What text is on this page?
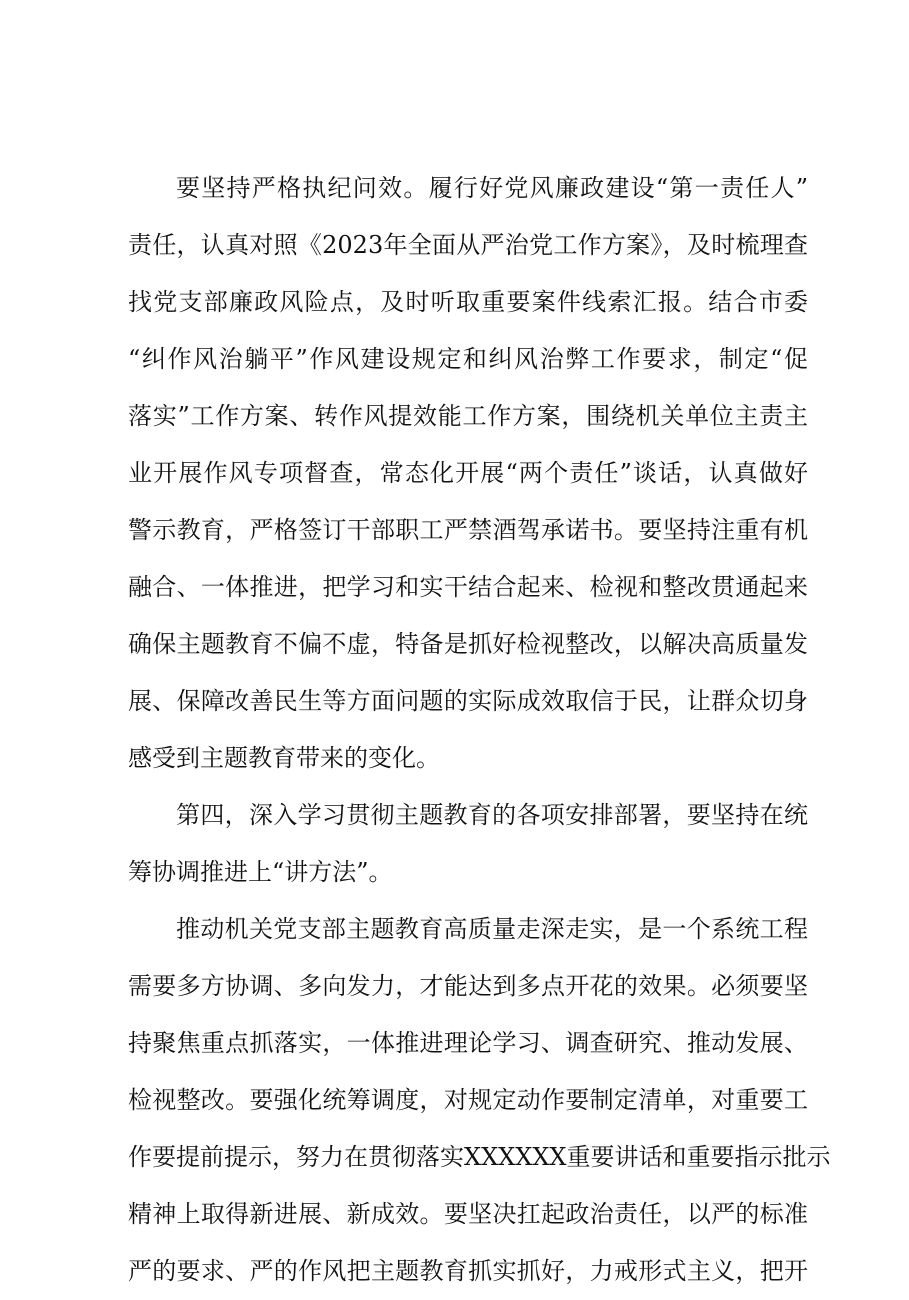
要坚持严格执纪问效。履行好党风廉政建设“第一责任人”
责任，认真对照《2023年全面从严治党工作方案》，及时梳理查
找党支部廉政风险点，及时听取重要案件线索汇报。结合市委
“纠作风治躺平”作风建设规定和纠风治弊工作要求，制定“促
落实”工作方案、转作风提效能工作方案，围绕机关单位主责主
业开展作风专项督查，常态化开展“两个责任”谈话，认真做好
警示教育，严格签订干部职工严禁酒驾承诺书。要坚持注重有机
融合、一体推进，把学习和实干结合起来、检视和整改贯通起来
确保主题教育不偏不虚，特备是抓好检视整改，以解决高质量发
展、保障改善民生等方面问题的实际成效取信于民，让群众切身
感受到主题教育带来的变化。
第四，深入学习贯彻主题教育的各项安排部署，要坚持在统
筹协调推进上“讲方法”。
推动机关党支部主题教育高质量走深走实，是一个系统工程
需要多方协调、多向发力，才能达到多点开花的效果。必须要坚
持聚焦重点抓落实，一体推进理论学习、调查研究、推动发展、
检视整改。要强化统筹调度，对规定动作要制定清单，对重要工
作要提前提示，努力在贯彻落实XXXXXX重要讲话和重要指示批示
精神上取得新进展、新成效。要坚决扛起政治责任，以严的标准
严的要求、严的作风把主题教育抓实抓好，力戒形式主义，把开
